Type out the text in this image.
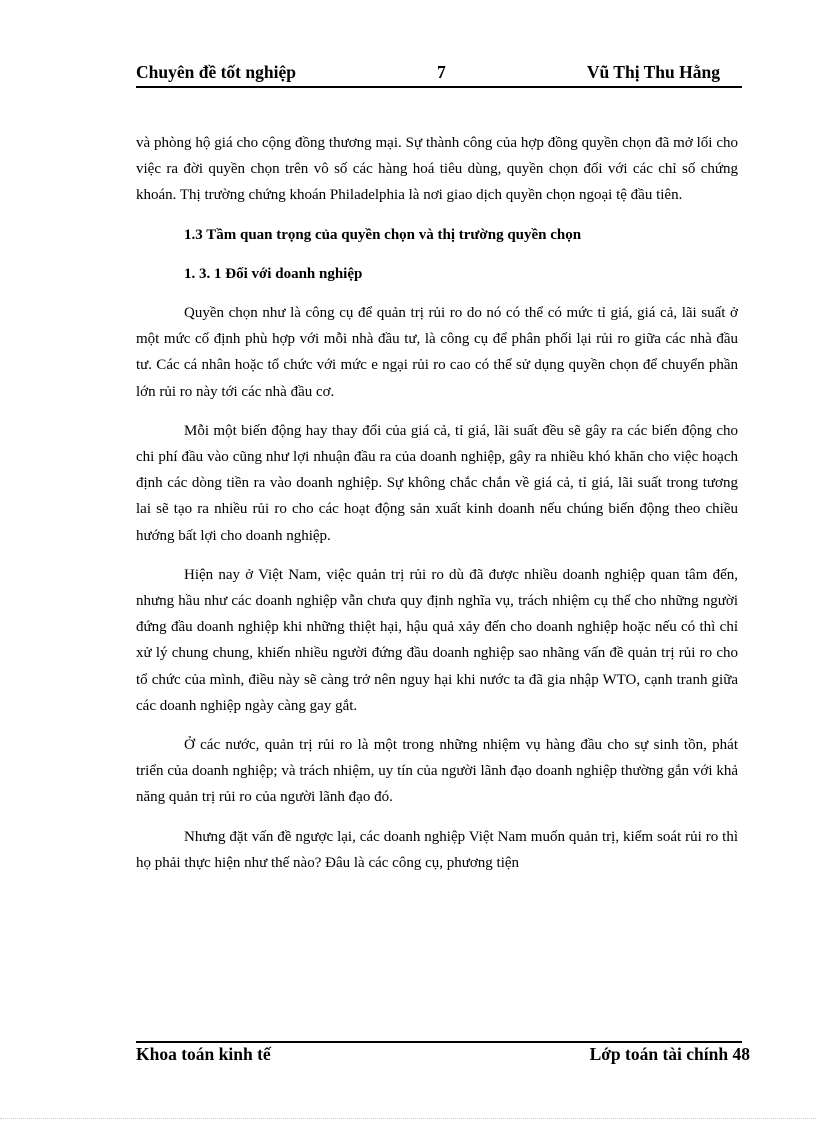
Chuyên đề tốt nghiệp	7	Vũ Thị Thu Hằng

và phòng hộ giá cho cộng đồng thương mại. Sự thành công của hợp đồng quyền chọn đã mở lối cho việc ra đời quyền chọn trên vô số các hàng hoá tiêu dùng, quyền chọn đối với các chỉ số chứng khoán. Thị trường chứng khoán Philadelphia là nơi giao dịch quyền chọn ngoại tệ đầu tiên.

1.3 Tầm quan trọng của quyền chọn và thị trường quyền chọn

1. 3. 1 Đối với doanh nghiệp

Quyền chọn như là công cụ để quản trị rủi ro do nó có thể có mức tỉ giá, giá cả, lãi suất ở một mức cố định phù hợp với mỗi nhà đầu tư, là công cụ để phân phối lại rủi ro giữa các nhà đầu tư. Các cá nhân hoặc tổ chức với mức e ngại rủi ro cao có thể sử dụng quyền chọn để chuyển phần lớn rủi ro này tới các nhà đầu cơ.

Mỗi một biến động hay thay đổi của giá cả, tỉ giá, lãi suất đều sẽ gây ra các biến động cho chi phí đầu vào cũng như lợi nhuận đầu ra của doanh nghiệp, gây ra nhiều khó khăn cho việc hoạch định các dòng tiền ra vào doanh nghiệp. Sự không chắc chắn về giá cả, tỉ giá, lãi suất trong tương lai sẽ tạo ra nhiều rủi ro cho các hoạt động sản xuất kinh doanh nếu chúng biến động theo chiều hướng bất lợi cho doanh nghiệp.

Hiện nay ở Việt Nam, việc quản trị rủi ro dù đã được nhiều doanh nghiệp quan tâm đến, nhưng hầu như các doanh nghiệp vẫn chưa quy định nghĩa vụ, trách nhiệm cụ thể cho những người đứng đầu doanh nghiệp khi những thiệt hại, hậu quả xảy đến cho doanh nghiệp hoặc nếu có thì chỉ xử lý chung chung, khiến nhiều người đứng đầu doanh nghiệp sao nhãng vấn đề quản trị rủi ro cho tổ chức của mình, điều này sẽ càng trở nên nguy hại khi nước ta đã gia nhập WTO, cạnh tranh giữa các doanh nghiệp ngày càng gay gắt.

Ở các nước, quản trị rủi ro là một trong những nhiệm vụ hàng đầu cho sự sinh tồn, phát triển của doanh nghiệp; và trách nhiệm, uy tín của người lãnh đạo doanh nghiệp thường gắn với khả năng quản trị rủi ro của người lãnh đạo đó.

Nhưng đặt vấn đề ngược lại, các doanh nghiệp Việt Nam muốn quản trị, kiểm soát rủi ro thì họ phải thực hiện như thế nào? Đâu là các công cụ, phương tiện

Khoa toán kinh tế	Lớp toán tài chính 48
